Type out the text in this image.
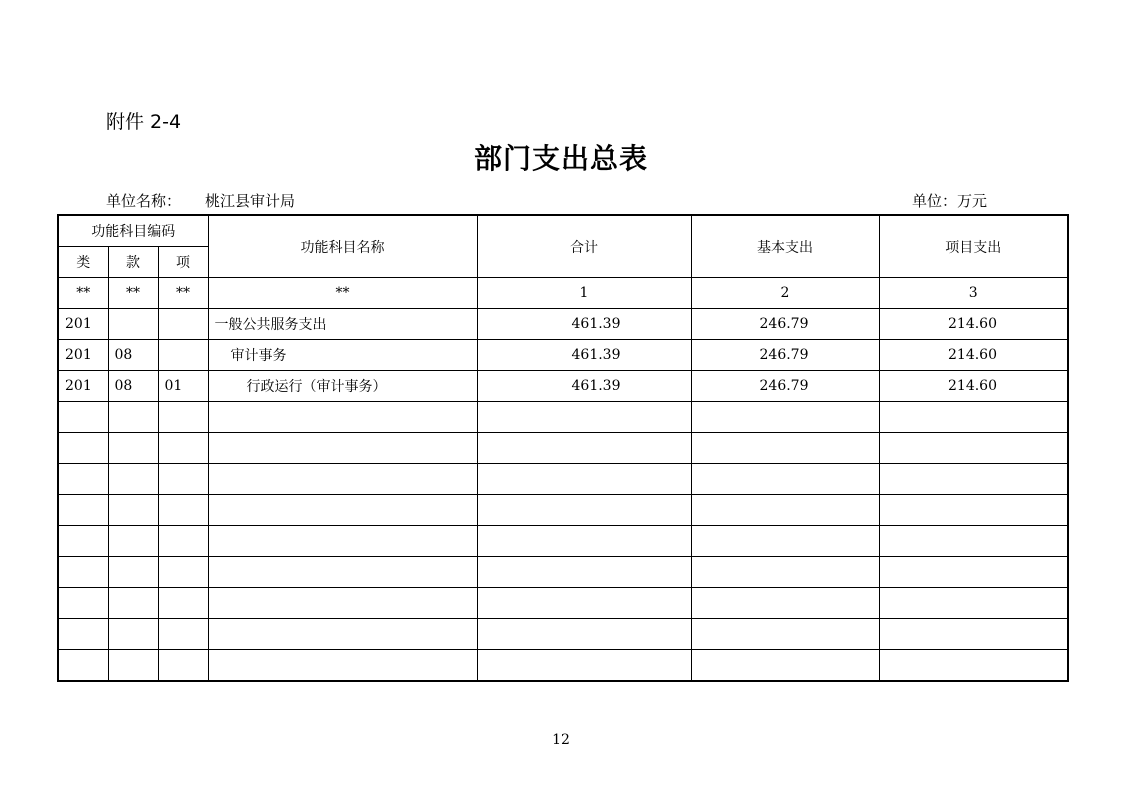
附件 2-4
部门支出总表
单位名称： 桃江县审计局	单位：万元
功能科目编码			功能科目名称	合计	基本支出	项目支出
类	款	项				
**	**	**	**	1	2	3
201			一般公共服务支出	461.39	246.79	214.60
201	08		审计事务	461.39	246.79	214.60
201	08	01	行政运行（审计事务）	461.39	246.79	214.60

12
